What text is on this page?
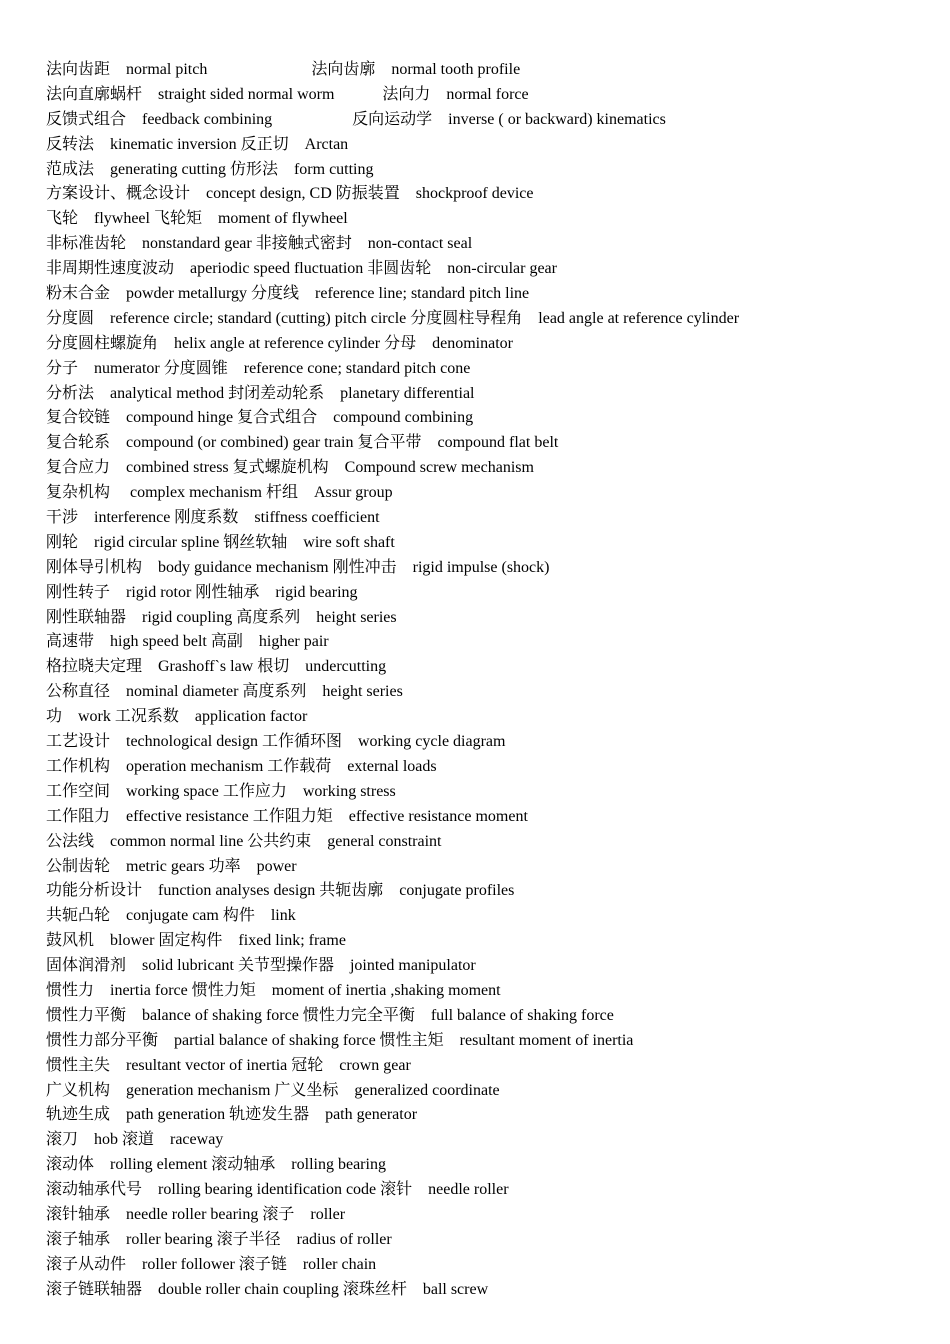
法向齿距    normal pitch                          法向齿廓    normal tooth profile
法向直廓蜗杆    straight sided normal worm            法向力    normal force
反馈式组合    feedback combining                    反向运动学    inverse ( or backward) kinematics
反转法    kinematic inversion 反正切    Arctan
范成法    generating cutting 仿形法    form cutting
方案设计、概念设计    concept design, CD 防振装置    shockproof device
飞轮    flywheel 飞轮矩    moment of flywheel
非标准齿轮    nonstandard gear 非接触式密封    non-contact seal
非周期性速度波动    aperiodic speed fluctuation 非圆齿轮    non-circular gear
粉末合金    powder metallurgy 分度线    reference line; standard pitch line
分度圆    reference circle; standard (cutting) pitch circle 分度圆柱导程角    lead angle at reference cylinder
分度圆柱螺旋角    helix angle at reference cylinder 分母    denominator
分子    numerator 分度圆锥    reference cone; standard pitch cone
分析法    analytical method 封闭差动轮系    planetary differential
复合铰链    compound hinge 复合式组合    compound combining
复合轮系    compound (or combined) gear train 复合平带    compound flat belt
复合应力    combined stress 复式螺旋机构    Compound screw mechanism
复杂机构     complex mechanism 杆组    Assur group
干涉    interference 刚度系数    stiffness coefficient
刚轮    rigid circular spline 钢丝软轴    wire soft shaft
刚体导引机构    body guidance mechanism 刚性冲击    rigid impulse (shock)
刚性转子    rigid rotor 刚性轴承    rigid bearing
刚性联轴器    rigid coupling 高度系列    height series
高速带    high speed belt 高副    higher pair
格拉晓夫定理    Grashoff`s law 根切    undercutting
公称直径    nominal diameter 高度系列    height series
功    work 工况系数    application factor
工艺设计    technological design 工作循环图    working cycle diagram
工作机构    operation mechanism 工作载荷    external loads
工作空间    working space 工作应力    working stress
工作阻力    effective resistance 工作阻力矩    effective resistance moment
公法线    common normal line 公共约束    general constraint
公制齿轮    metric gears 功率    power
功能分析设计    function analyses design 共轭齿廓    conjugate profiles
共轭凸轮    conjugate cam 构件    link
鼓风机    blower 固定构件    fixed link; frame
固体润滑剂    solid lubricant 关节型操作器    jointed manipulator
惯性力    inertia force 惯性力矩    moment of inertia ,shaking moment
惯性力平衡    balance of shaking force 惯性力完全平衡    full balance of shaking force
惯性力部分平衡    partial balance of shaking force 惯性主矩    resultant moment of inertia
惯性主失    resultant vector of inertia 冠轮    crown gear
广义机构    generation mechanism 广义坐标    generalized coordinate
轨迹生成    path generation 轨迹发生器    path generator
滚刀    hob 滚道    raceway
滚动体    rolling element 滚动轴承    rolling bearing
滚动轴承代号    rolling bearing identification code 滚针    needle roller
滚针轴承    needle roller bearing 滚子    roller
滚子轴承    roller bearing 滚子半径    radius of roller
滚子从动件    roller follower 滚子链    roller chain
滚子链联轴器    double roller chain coupling 滚珠丝杆    ball screw
